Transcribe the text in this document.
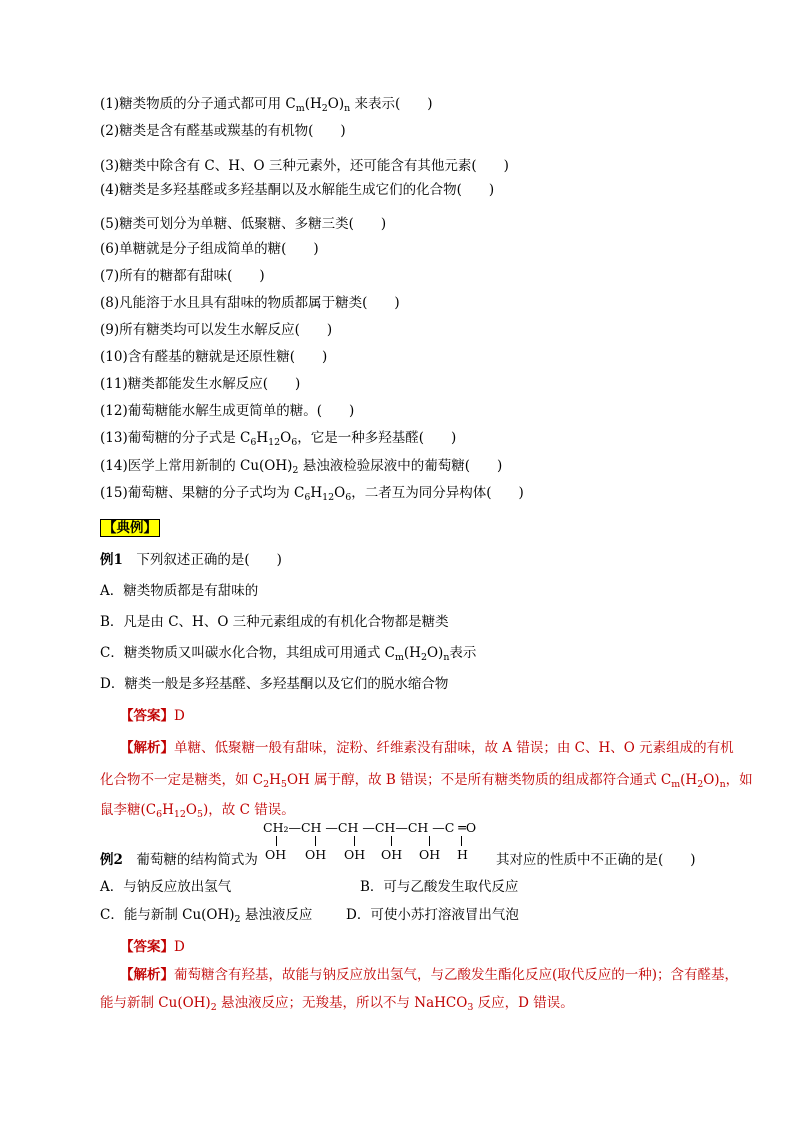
(1)糖类物质的分子通式都可用 $C_m(H_2O)_n$ 来表示(　　)
(2)糖类是含有醛基或羰基的有机物(　　)
(3)糖类中除含有 C、H、O 三种元素外，还可能含有其他元素(　　)
(4)糖类是多羟基醛或多羟基酮以及水解能生成它们的化合物(　　)
(5)糖类可划分为单糖、低聚糖、多糖三类(　　)
(6)单糖就是分子组成简单的糖(　　)
(7)所有的糖都有甜味(　　)
(8)凡能溶于水且具有甜味的物质都属于糖类(　　)
(9)所有糖类均可以发生水解反应(　　)
(10)含有醛基的糖就是还原性糖(　　)
(11)糖类都能发生水解反应(　　)
(12)葡萄糖能水解生成更简单的糖。(　　)
(13)葡萄糖的分子式是 $C_6H_{12}O_6$，它是一种多羟基醛(　　)
(14)医学上常用新制的 $Cu(OH)_2$ 悬浊液检验尿液中的葡萄糖(　　)
(15)葡萄糖、果糖的分子式均为 $C_6H_{12}O_6$，二者互为同分异构体(　　)
【典例】
例1　下列叙述正确的是(　　)
A．糖类物质都是有甜味的
B．凡是由 C、H、O 三种元素组成的有机化合物都是糖类
C．糖类物质又叫碳水化合物，其组成可用通式 $C_m(H_2O)_n$表示
D．糖类一般是多羟基醛、多羟基酮以及它们的脱水缩合物
【答案】D
【解析】单糖、低聚糖一般有甜味，淀粉、纤维素没有甜味，故 A 错误；由 C、H、O 元素组成的有机
化合物不一定是糖类，如 $C_2H_5OH$ 属于醇，故 B 错误；不是所有糖类物质的组成都符合通式 $C_m(H_2O)_n$，如
鼠李糖$(C_6H_{12}O_5)$，故 C 错误。
CH₂—CH —CH —CH—CH —C ═O
OH OH OH OH OH H
例2　葡萄糖的结构简式为	其对应的性质中不正确的是(　　)
A．与钠反应放出氢气	B．可与乙酸发生取代反应
C．能与新制 $Cu(OH)_2$ 悬浊液反应 D．可使小苏打溶液冒出气泡
【答案】D
【解析】葡萄糖含有羟基，故能与钠反应放出氢气，与乙酸发生酯化反应(取代反应的一种)；含有醛基，
能与新制 $Cu(OH)_2$ 悬浊液反应；无羧基，所以不与 NaHCO$_3$ 反应，D 错误。
